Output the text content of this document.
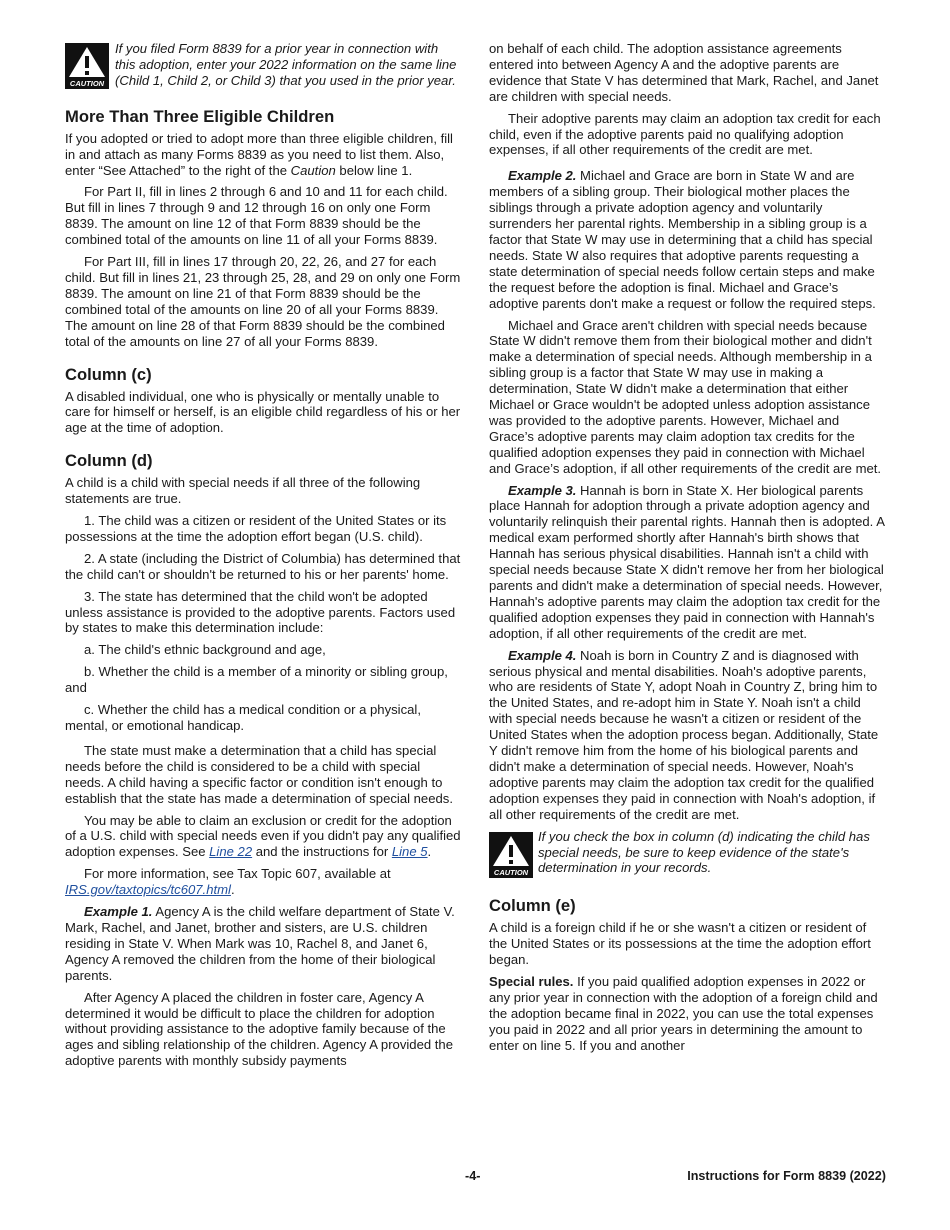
CAUTION
If you filed Form 8839 for a prior year in connection with this adoption, enter your 2022 information on the same line (Child 1, Child 2, or Child 3) that you used in the prior year.
More Than Three Eligible Children

If you adopted or tried to adopt more than three eligible children, fill in and attach as many Forms 8839 as you need to list them. Also, enter “See Attached” to the right of the Caution below line 1.

For Part II, fill in lines 2 through 6 and 10 and 11 for each child. But fill in lines 7 through 9 and 12 through 16 on only one Form 8839. The amount on line 12 of that Form 8839 should be the combined total of the amounts on line 11 of all your Forms 8839.

For Part III, fill in lines 17 through 20, 22, 26, and 27 for each child. But fill in lines 21, 23 through 25, 28, and 29 on only one Form 8839. The amount on line 21 of that Form 8839 should be the combined total of the amounts on line 20 of all your Forms 8839. The amount on line 28 of that Form 8839 should be the combined total of the amounts on line 27 of all your Forms 8839.

Column (c)

A disabled individual, one who is physically or mentally unable to care for himself or herself, is an eligible child regardless of his or her age at the time of adoption.

Column (d)

A child is a child with special needs if all three of the following statements are true.

1. The child was a citizen or resident of the United States or its possessions at the time the adoption effort began (U.S. child).

2. A state (including the District of Columbia) has determined that the child can't or shouldn't be returned to his or her parents' home.

3. The state has determined that the child won't be adopted unless assistance is provided to the adoptive parents. Factors used by states to make this determination include:

a. The child's ethnic background and age,

b. Whether the child is a member of a minority or sibling group, and

c. Whether the child has a medical condition or a physical, mental, or emotional handicap.

The state must make a determination that a child has special needs before the child is considered to be a child with special needs. A child having a specific factor or condition isn't enough to establish that the state has made a determination of special needs.

You may be able to claim an exclusion or credit for the adoption of a U.S. child with special needs even if you didn't pay any qualified adoption expenses. See Line 22 and the instructions for Line 5.

For more information, see Tax Topic 607, available at IRS.gov/taxtopics/tc607.html.

Example 1. Agency A is the child welfare department of State V. Mark, Rachel, and Janet, brother and sisters, are U.S. children residing in State V. When Mark was 10, Rachel 8, and Janet 6, Agency A removed the children from the home of their biological parents.

After Agency A placed the children in foster care, Agency A determined it would be difficult to place the children for adoption without providing assistance to the adoptive family because of the ages and sibling relationship of the children. Agency A provided the adoptive parents with monthly subsidy payments

on behalf of each child. The adoption assistance agreements entered into between Agency A and the adoptive parents are evidence that State V has determined that Mark, Rachel, and Janet are children with special needs.

Their adoptive parents may claim an adoption tax credit for each child, even if the adoptive parents paid no qualifying adoption expenses, if all other requirements of the credit are met.

Example 2. Michael and Grace are born in State W and are members of a sibling group. Their biological mother places the siblings through a private adoption agency and voluntarily surrenders her parental rights. Membership in a sibling group is a factor that State W may use in determining that a child has special needs. State W also requires that adoptive parents requesting a state determination of special needs follow certain steps and make the request before the adoption is final. Michael and Grace’s adoptive parents don't make a request or follow the required steps.

Michael and Grace aren't children with special needs because State W didn't remove them from their biological mother and didn't make a determination of special needs. Although membership in a sibling group is a factor that State W may use in making a determination, State W didn't make a determination that either Michael or Grace wouldn't be adopted unless adoption assistance was provided to the adoptive parents. However, Michael and Grace’s adoptive parents may claim adoption tax credits for the qualified adoption expenses they paid in connection with Michael and Grace’s adoption, if all other requirements of the credit are met.

Example 3. Hannah is born in State X. Her biological parents place Hannah for adoption through a private adoption agency and voluntarily relinquish their parental rights. Hannah then is adopted. A medical exam performed shortly after Hannah's birth shows that Hannah has serious physical disabilities. Hannah isn't a child with special needs because State X didn't remove her from her biological parents and didn't make a determination of special needs. However, Hannah's adoptive parents may claim the adoption tax credit for the qualified adoption expenses they paid in connection with Hannah's adoption, if all other requirements of the credit are met.

Example 4. Noah is born in Country Z and is diagnosed with serious physical and mental disabilities. Noah's adoptive parents, who are residents of State Y, adopt Noah in Country Z, bring him to the United States, and re-adopt him in State Y. Noah isn't a child with special needs because he wasn't a citizen or resident of the United States when the adoption process began. Additionally, State Y didn't remove him from the home of his biological parents and didn't make a determination of special needs. However, Noah's adoptive parents may claim the adoption tax credit for the qualified adoption expenses they paid in connection with Noah's adoption, if all other requirements of the credit are met.

CAUTION
If you check the box in column (d) indicating the child has special needs, be sure to keep evidence of the state's determination in your records.
Column (e)

A child is a foreign child if he or she wasn't a citizen or resident of the United States or its possessions at the time the adoption effort began.

Special rules. If you paid qualified adoption expenses in 2022 or any prior year in connection with the adoption of a foreign child and the adoption became final in 2022, you can use the total expenses you paid in 2022 and all prior years in determining the amount to enter on line 5. If you and another

-4-	Instructions for Form 8839 (2022)
